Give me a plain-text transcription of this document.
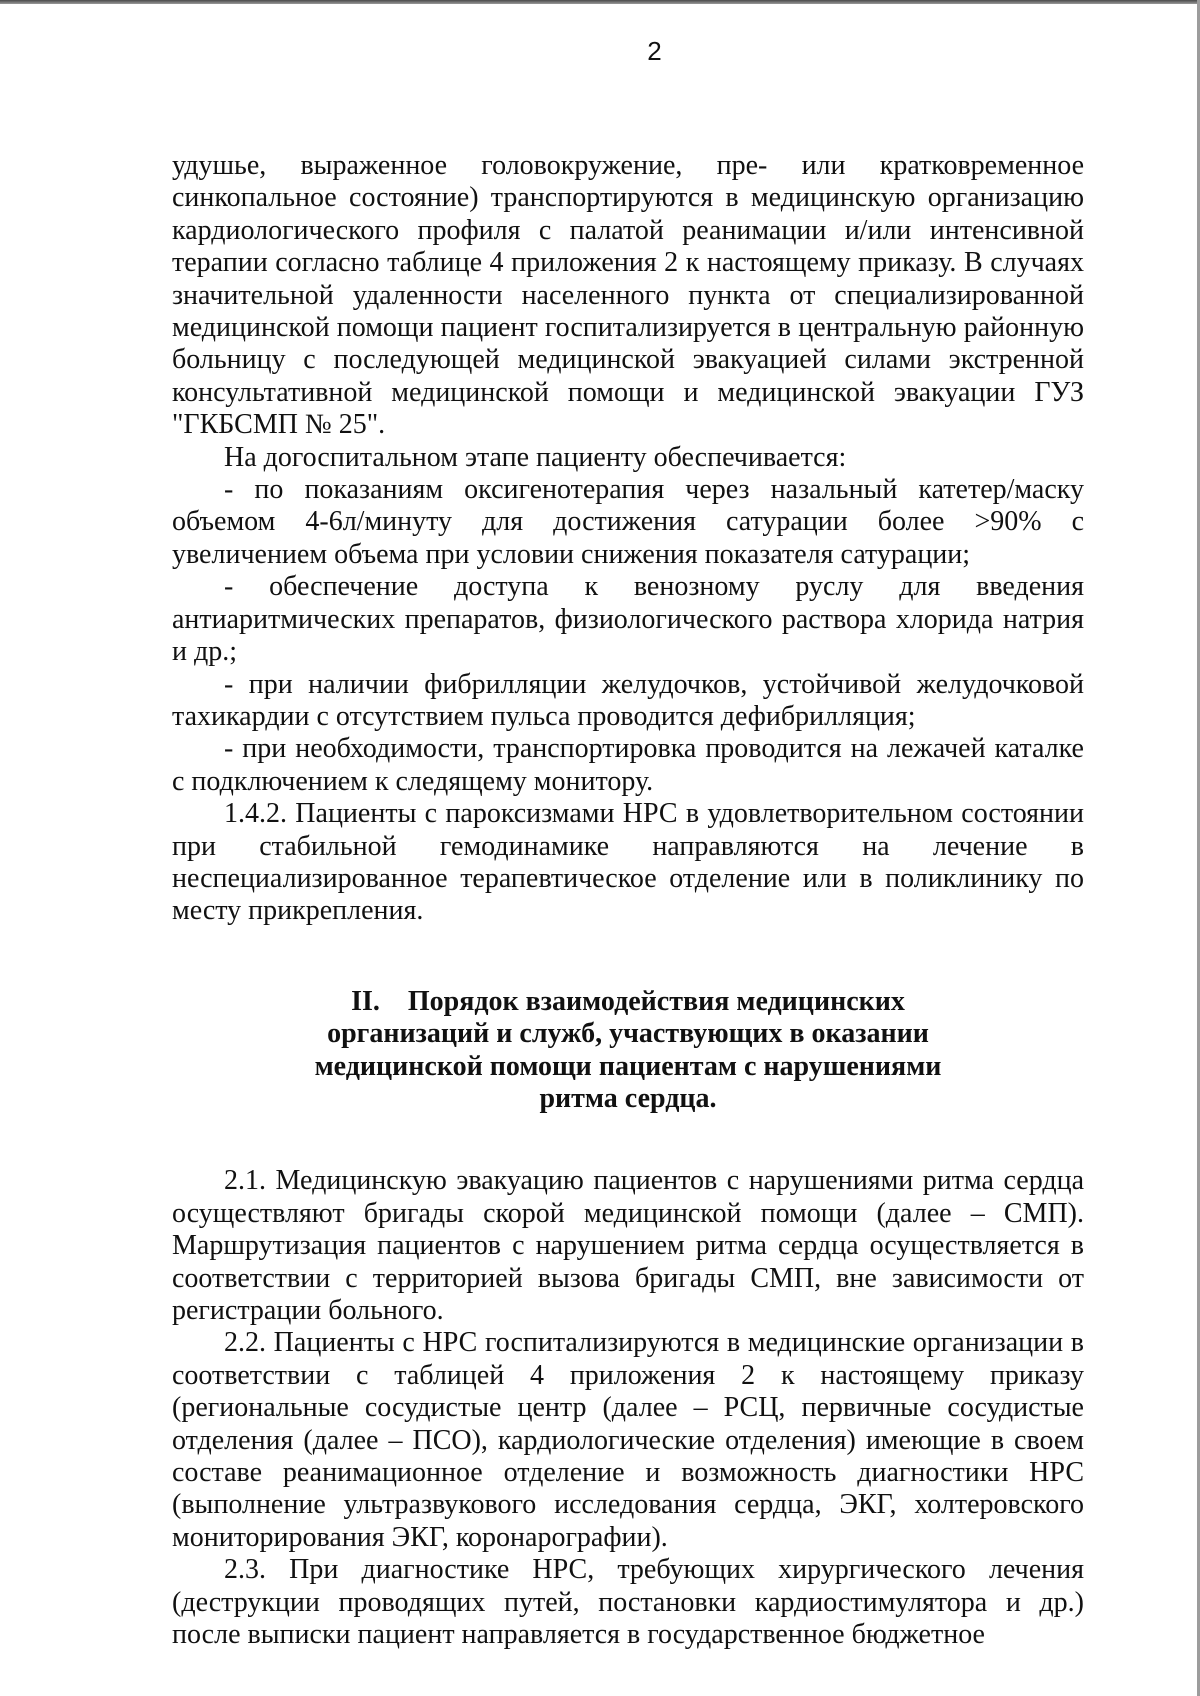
2

удушье, выраженное головокружение, пре- или кратковременное синкопальное состояние) транспортируются в медицинскую организацию кардиологического профиля с палатой реанимации и/или интенсивной терапии согласно таблице 4 приложения 2 к настоящему приказу. В случаях значительной удаленности населенного пункта от специализированной медицинской помощи пациент госпитализируется в центральную районную больницу с последующей медицинской эвакуацией силами экстренной консультативной медицинской помощи и медицинской эвакуации ГУЗ "ГКБСМП № 25".

На догоспитальном этапе пациенту обеспечивается:

- по показаниям оксигенотерапия через назальный катетер/маску объемом 4-6л/минуту для достижения сатурации более >90% с увеличением объема при условии снижения показателя сатурации;

- обеспечение доступа к венозному руслу для введения антиаритмических препаратов, физиологического раствора хлорида натрия и др.;

- при наличии фибрилляции желудочков, устойчивой желудочковой тахикардии с отсутствием пульса проводится дефибрилляция;

- при необходимости, транспортировка проводится на лежачей каталке с подключением к следящему монитору.

1.4.2. Пациенты с пароксизмами НРС в удовлетворительном состоянии при стабильной гемодинамике направляются на лечение в неспециализированное терапевтическое отделение или в поликлинику по месту прикрепления.

II. Порядок взаимодействия медицинских
организаций и служб, участвующих в оказании
медицинской помощи пациентам с нарушениями
ритма сердца.

2.1. Медицинскую эвакуацию пациентов с нарушениями ритма сердца осуществляют бригады скорой медицинской помощи (далее – СМП). Маршрутизация пациентов с нарушением ритма сердца осуществляется в соответствии с территорией вызова бригады СМП, вне зависимости от регистрации больного.

2.2. Пациенты с НРС госпитализируются в медицинские организации в соответствии с таблицей 4 приложения 2 к настоящему приказу (региональные сосудистые центр (далее – РСЦ, первичные сосудистые отделения (далее – ПСО), кардиологические отделения) имеющие в своем составе реанимационное отделение и возможность диагностики НРС (выполнение ультразвукового исследования сердца, ЭКГ, холтеровского мониторирования ЭКГ, коронарографии).

2.3. При диагностике НРС, требующих хирургического лечения (деструкции проводящих путей, постановки кардиостимулятора и др.) после выписки пациент направляется в государственное бюджетное
